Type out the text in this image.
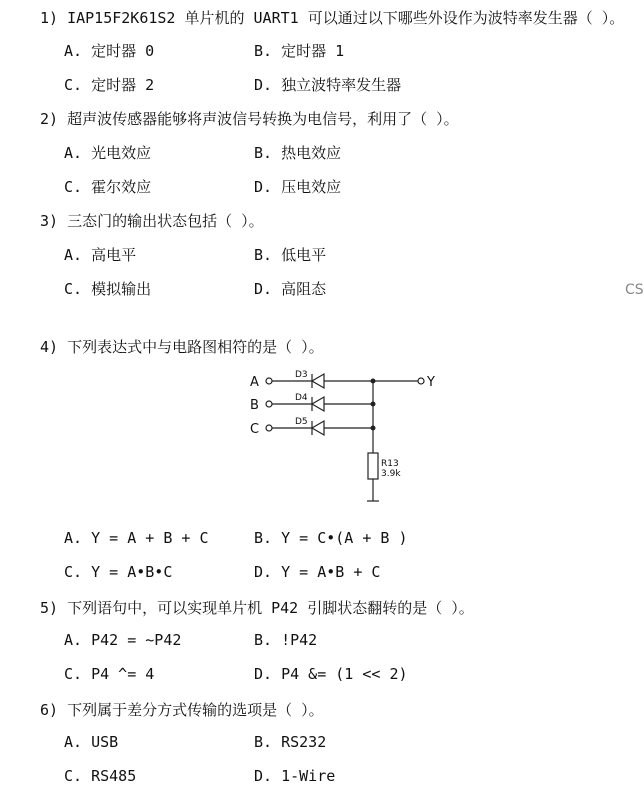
1) IAP15F2K61S2 单片机的 UART1 可以通过以下哪些外设作为波特率发生器（ ）。
A. 定时器 0	B. 定时器 1
C. 定时器 2	D. 独立波特率发生器
2) 超声波传感器能够将声波信号转换为电信号，利用了（ ）。
A. 光电效应	B. 热电效应
C. 霍尔效应	D. 压电效应
3) 三态门的输出状态包括（ ）。
A. 高电平	B. 低电平
C. 模拟输出	D. 高阻态	CS
4) 下列表达式中与电路图相符的是（ ）。
A
B
C
D3
D4
D5
Y
R13
3.9k
A. Y = A + B + C	B. Y = C•(A + B )
C. Y = A•B•C	D. Y = A•B + C
5) 下列语句中，可以实现单片机 P42 引脚状态翻转的是（ ）。
A. P42 = ~P42	B. !P42
C. P4 ^= 4	D. P4 &= (1 << 2)
6) 下列属于差分方式传输的选项是（ ）。
A. USB	B. RS232
C. RS485	D. 1-Wire
